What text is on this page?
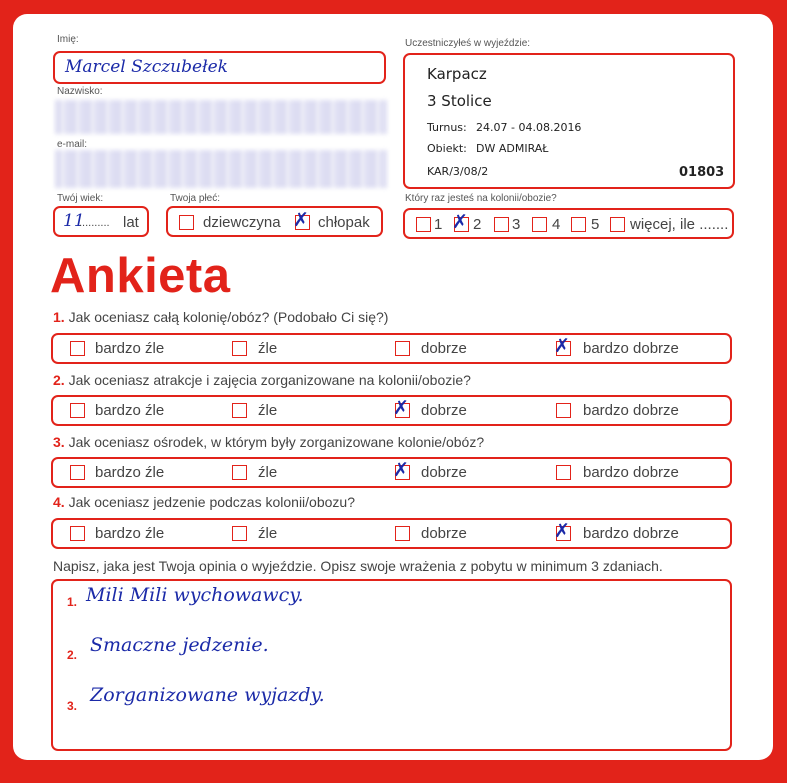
Imię:
Marcel Szczubełek
Nazwisko:
e-mail:
Twój wiek:
11
.......... lat
Twoja płeć:
dziewczyna ✗ chłopak
Uczestniczyłeś w wyjeździe:
Karpacz
3 Stolice
Turnus: 24.07 - 04.08.2016
Obiekt: DW ADMIRAŁ
KAR/3/08/2	01803
Który raz jesteś na kolonii/obozie?
1 ✗ 2 3 4 5 więcej, ile .......
Ankieta
1. Jak oceniasz całą kolonię/obóz? (Podobało Ci się?)
bardzo źle	źle	dobrze	✗ bardzo dobrze
2. Jak oceniasz atrakcje i zajęcia zorganizowane na kolonii/obozie?
bardzo źle	źle	✗ dobrze	bardzo dobrze
3. Jak oceniasz ośrodek, w którym były zorganizowane kolonie/obóz?
bardzo źle	źle	✗ dobrze	bardzo dobrze
4. Jak oceniasz jedzenie podczas kolonii/obozu?
bardzo źle	źle	dobrze	✗ bardzo dobrze
Napisz, jaka jest Twoja opinia o wyjeździe. Opisz swoje wrażenia z pobytu w minimum 3 zdaniach.
1. Mili Mili wychowawcy.
2. Smaczne jedzenie.
3. Zorganizowane wyjazdy.
